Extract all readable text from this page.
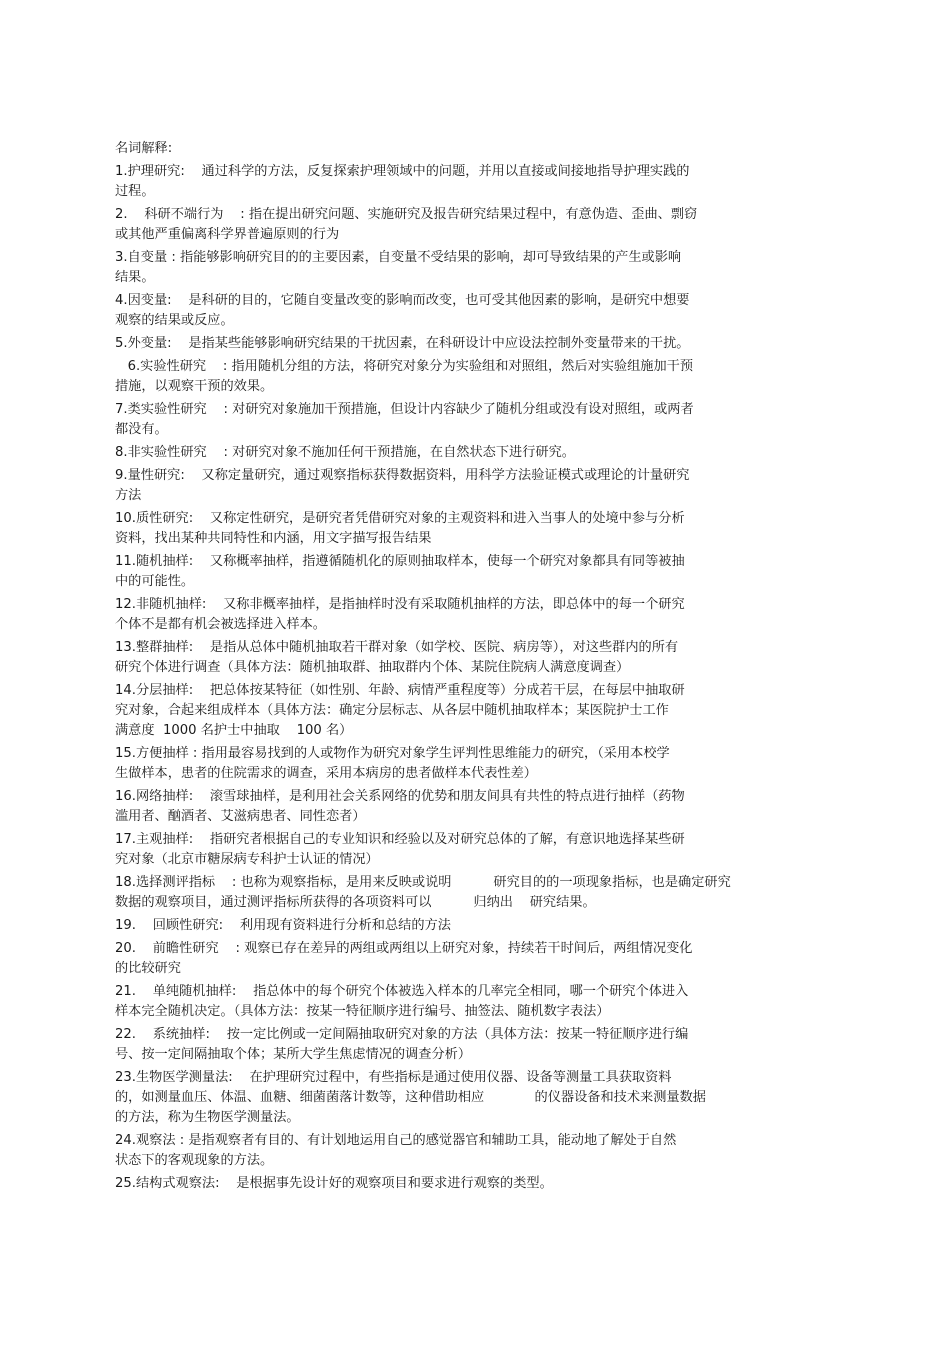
名词解释:
1.护理研究:    通过科学的方法，反复探索护理领域中的问题，并用以直接或间接地指导护理实践的
过程。
2.    科研不端行为    : 指在提出研究问题、实施研究及报告研究结果过程中，有意伪造、歪曲、剽窃
或其他严重偏离科学界普遍原则的行为
3.自变量 : 指能够影响研究目的的主要因素，自变量不受结果的影响，却可导致结果的产生或影响
结果。
4.因变量:    是科研的目的，它随自变量改变的影响而改变，也可受其他因素的影响，是研究中想要
观察的结果或反应。
5.外变量:    是指某些能够影响研究结果的干扰因素，在科研设计中应设法控制外变量带来的干扰。
6.实验性研究    : 指用随机分组的方法，将研究对象分为实验组和对照组，然后对实验组施加干预
措施，以观察干预的效果。
7.类实验性研究    : 对研究对象施加干预措施，但设计内容缺少了随机分组或没有设对照组，或两者
都没有。
8.非实验性研究    : 对研究对象不施加任何干预措施，在自然状态下进行研究。
9.量性研究:    又称定量研究，通过观察指标获得数据资料，用科学方法验证模式或理论的计量研究
方法
10.质性研究:    又称定性研究，是研究者凭借研究对象的主观资料和进入当事人的处境中参与分析
资料，找出某种共同特性和内涵，用文字描写报告结果
11.随机抽样:    又称概率抽样，指遵循随机化的原则抽取样本，使每一个研究对象都具有同等被抽
中的可能性。
12.非随机抽样:    又称非概率抽样，是指抽样时没有采取随机抽样的方法，即总体中的每一个研究
个体不是都有机会被选择进入样本。
13.整群抽样:    是指从总体中随机抽取若干群对象（如学校、医院、病房等），对这些群内的所有
研究个体进行调查（具体方法：随机抽取群、抽取群内个体、某院住院病人满意度调查）
14.分层抽样:    把总体按某特征（如性别、年龄、病情严重程度等）分成若干层，在每层中抽取研
究对象，合起来组成样本（具体方法：确定分层标志、从各层中随机抽取样本；某医院护士工作
满意度  1000 名护士中抽取    100 名）
15.方便抽样 : 指用最容易找到的人或物作为研究对象学生评判性思维能力的研究，（采用本校学
生做样本，患者的住院需求的调查，采用本病房的患者做样本代表性差）
16.网络抽样:    滚雪球抽样，是利用社会关系网络的优势和朋友间具有共性的特点进行抽样（药物
滥用者、酗酒者、艾滋病患者、同性恋者）
17.主观抽样:    指研究者根据自己的专业知识和经验以及对研究总体的了解，有意识地选择某些研
究对象（北京市糖尿病专科护士认证的情况）
18.选择测评指标    : 也称为观察指标，是用来反映或说明          研究目的的一项现象指标，也是确定研究
数据的观察项目，通过测评指标所获得的各项资料可以          归纳出    研究结果。
19.    回顾性研究:    利用现有资料进行分析和总结的方法
20.    前瞻性研究    : 观察已存在差异的两组或两组以上研究对象，持续若干时间后，两组情况变化
的比较研究
21.    单纯随机抽样:    指总体中的每个研究个体被选入样本的几率完全相同，哪一个研究个体进入
样本完全随机决定。（具体方法：按某一特征顺序进行编号、抽签法、随机数字表法）
22.    系统抽样:    按一定比例或一定间隔抽取研究对象的方法（具体方法：按某一特征顺序进行编
号、按一定间隔抽取个体；某所大学生焦虑情况的调查分析）
23.生物医学测量法:    在护理研究过程中，有些指标是通过使用仪器、设备等测量工具获取资料
的，如测量血压、体温、血糖、细菌菌落计数等，这种借助相应            的仪器设备和技术来测量数据
的方法，称为生物医学测量法。
24.观察法 : 是指观察者有目的、有计划地运用自己的感觉器官和辅助工具，能动地了解处于自然
状态下的客观现象的方法。
25.结构式观察法:    是根据事先设计好的观察项目和要求进行观察的类型。
